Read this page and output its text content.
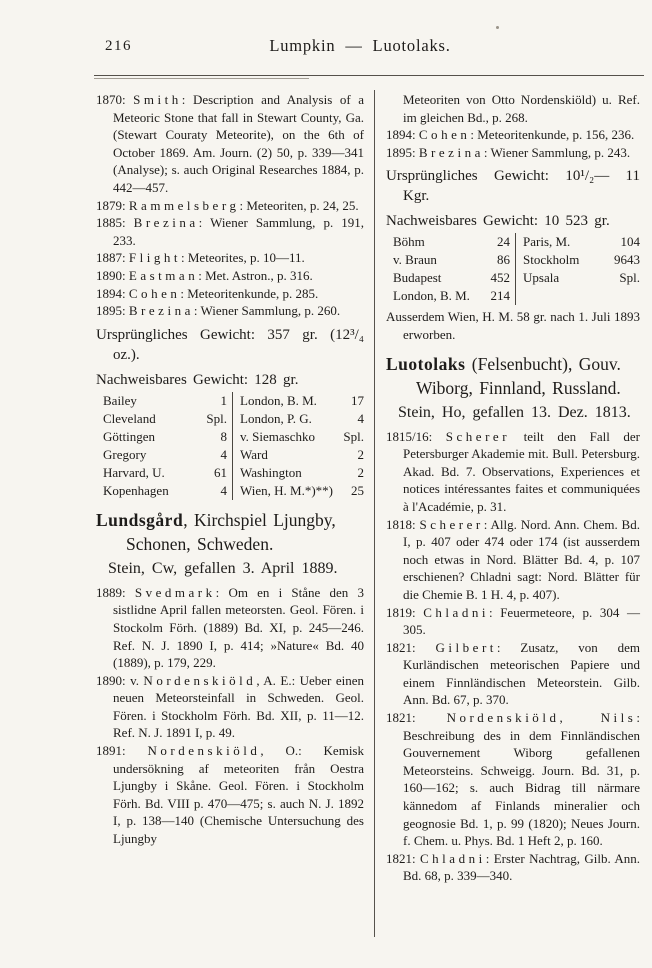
216	Lumpkin — Luotolaks.

1870: Smith: Description and Analysis of a Meteoric Stone that fall in Stewart County, Ga. (Stewart Couraty Meteorite), on the 6th of October 1869. Am. Journ. (2) 50, p. 339—341 (Analyse); s. auch Original Researches 1884, p. 442—457.

1879: Rammelsberg: Meteoriten, p. 24, 25.

1885: Brezina: Wiener Sammlung, p. 191, 233.

1887: Flight: Meteorites, p. 10—11.

1890: Eastman: Met. Astron., p. 316.

1894: Cohen: Meteoritenkunde, p. 285.

1895: Brezina: Wiener Sammlung, p. 260.

Ursprüngliches Gewicht: 357 gr. (12³/₄ oz.).

Nachweisbares Gewicht: 128 gr.

Bailey	1
Cleveland	Spl.
Göttingen	8
Gregory	4
Harvard, U.	61
Kopenhagen	4
London, B. M.	17
London, P. G.	4
v. Siemaschko Spl.
Ward	2
Washington	2
Wien, H. M.*)**) 25

Lundsgård, Kirchspiel Ljungby, Schonen, Schweden.

Stein, Cw, gefallen 3. April 1889.

1889: Svedmark: Om en i Ståne den 3 sistlidne April fallen meteorsten. Geol. Fören. i Stockolm Förh. (1889) Bd. XI, p. 245—246. Ref. N. J. 1890 I, p. 414; »Nature« Bd. 40 (1889), p. 179, 229.

1890: v. Nordenskiöld, A. E.: Ueber einen neuen Meteorsteinfall in Schweden. Geol. Fören. i Stockholm Förh. Bd. XII, p. 11—12. Ref. N. J. 1891 I, p. 49.

1891: Nordenskiöld, O.: Kemisk undersökning af meteoriten från Oestra Ljungby i Skåne. Geol. Fören. i Stockholm Förh. Bd. VIII p. 470—475; s. auch N. J. 1892 I, p. 138—140 (Chemische Untersuchung des Ljungby

Meteoriten von Otto Nordenskiöld) u. Ref. im gleichen Bd., p. 268.

1894: Cohen: Meteoritenkunde, p. 156, 236.

1895: Brezina: Wiener Sammlung, p. 243.

Ursprüngliches Gewicht: 10¹/₂— 11 Kgr.

Nachweisbares Gewicht: 10 523 gr.

Böhm	24
v. Braun	86
Budapest	452
London, B. M. 214
Paris, M.	104
Stockholm	9643
Upsala	Spl.

Ausserdem Wien, H. M. 58 gr. nach 1. Juli 1893 erworben.

Luotolaks (Felsenbucht), Gouv. Wiborg, Finnland, Russland.

Stein, Ho, gefallen 13. Dez. 1813.

1815/16: Scherer teilt den Fall der Petersburger Akademie mit. Bull. Petersburg. Akad. Bd. 7. Observations, Experiences et notices intéressantes faites et communiquées à l'Académie, p. 31.

1818: Scherer: Allg. Nord. Ann. Chem. Bd. I, p. 407 oder 474 oder 174 (ist ausserdem noch etwas in Nord. Blätter Bd. 4, p. 107 erschienen? Chladni sagt: Nord. Blätter für die Chemie B. 1 H. 4, p. 407).

1819: Chladni: Feuermeteore, p. 304 — 305.

1821: Gilbert: Zusatz, von dem Kurländischen meteorischen Papiere und einem Finnländischen Meteorstein. Gilb. Ann. Bd. 67, p. 370.

1821: Nordenskiöld, Nils: Beschreibung des in dem Finnländischen Gouvernement Wiborg gefallenen Meteorsteins. Schweigg. Journ. Bd. 31, p. 160—162; s. auch Bidrag till närmare kännedom af Finlands mineralier och geognosie Bd. 1, p. 99 (1820); Neues Journ. f. Chem. u. Phys. Bd. 1 Heft 2, p. 160.

1821: Chladni: Erster Nachtrag, Gilb. Ann. Bd. 68, p. 339—340.
